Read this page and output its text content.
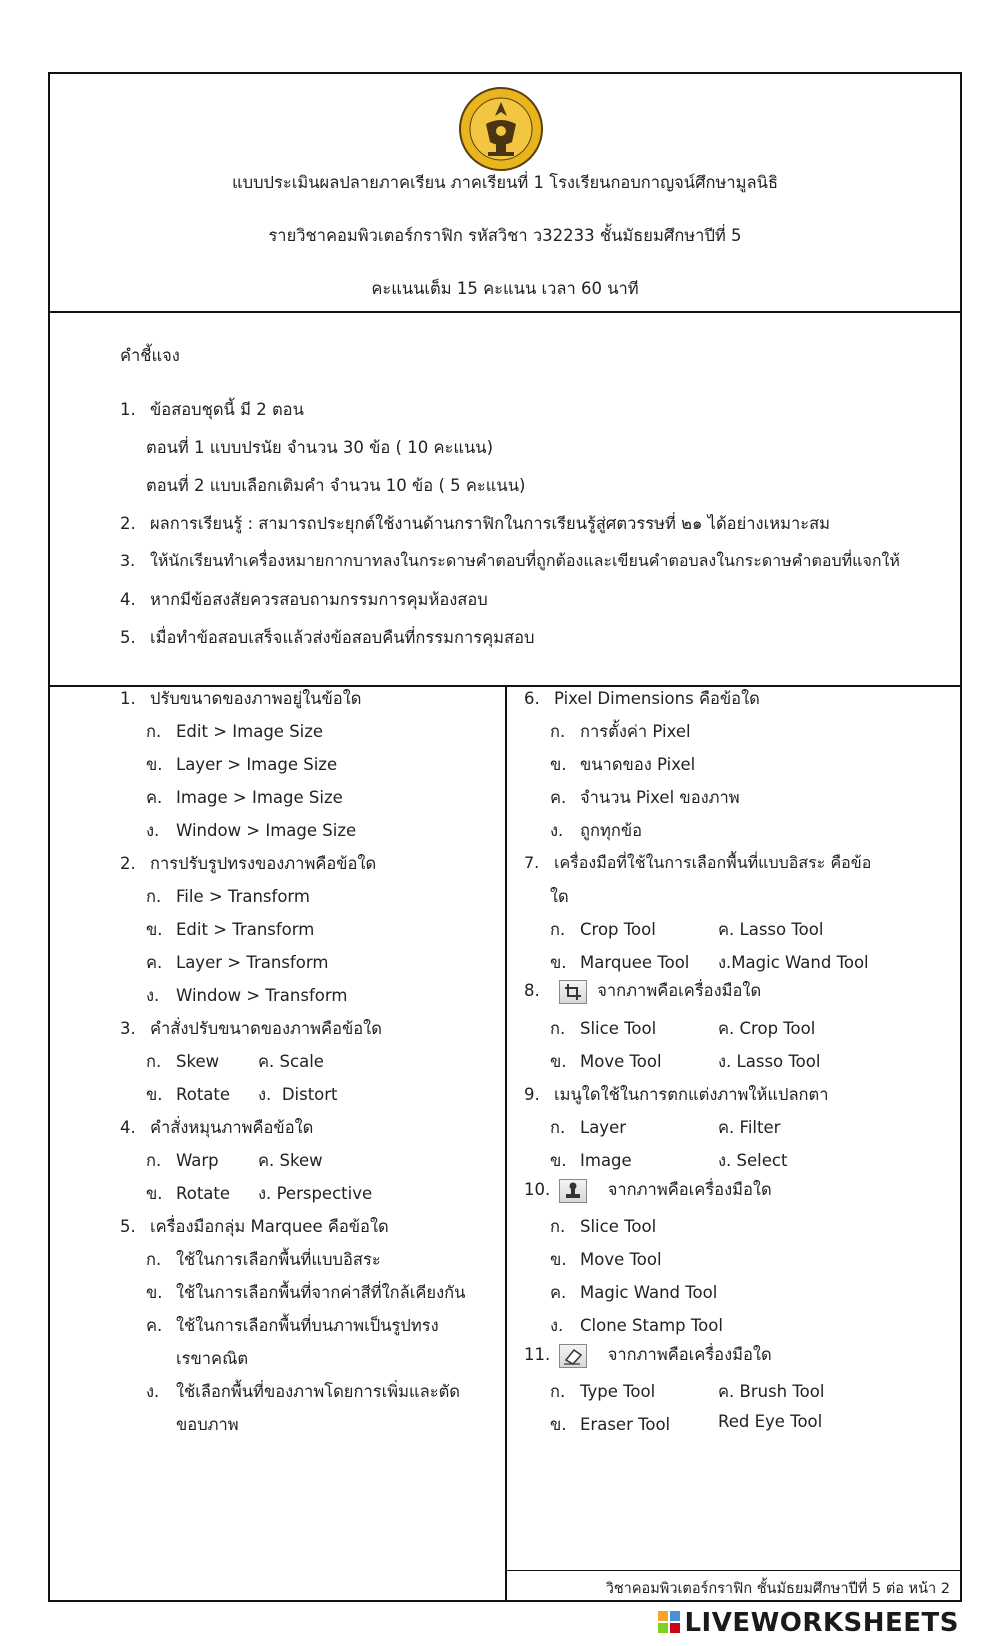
แบบประเมินผลปลายภาคเรียน ภาคเรียนที่ 1 โรงเรียนกอบกาญจน์ศึกษามูลนิธิ
รายวิชาคอมพิวเตอร์กราฟิก รหัสวิชา ว32233 ชั้นมัธยมศึกษาปีที่ 5
คะแนนเต็ม 15 คะแนน เวลา 60 นาที
คำชี้แจง
1. ข้อสอบชุดนี้ มี 2 ตอน
ตอนที่ 1 แบบปรนัย จำนวน 30 ข้อ ( 10 คะแนน)
ตอนที่ 2 แบบเลือกเติมคำ จำนวน 10 ข้อ ( 5 คะแนน)
2. ผลการเรียนรู้ : สามารถประยุกต์ใช้งานด้านกราฟิกในการเรียนรู้สู่ศตวรรษที่ ๒๑ ได้อย่างเหมาะสม
3. ให้นักเรียนทำเครื่องหมายกากบาทลงในกระดาษคำตอบที่ถูกต้องและเขียนคำตอบลงในกระดาษคำตอบที่แจกให้
4. หากมีข้อสงสัยควรสอบถามกรรมการคุมห้องสอบ
5. เมื่อทำข้อสอบเสร็จแล้วส่งข้อสอบคืนที่กรรมการคุมสอบ
1. ปรับขนาดของภาพอยู่ในข้อใด
ก. Edit > Image Size
ข. Layer > Image Size
ค. Image > Image Size
ง. Window > Image Size
2. การปรับรูปทรงของภาพคือข้อใด
ก. File > Transform
ข. Edit > Transform
ค. Layer > Transform
ง. Window > Transform
3. คำสั่งปรับขนาดของภาพคือข้อใด
ก. Skew ค. Scale
ข. Rotate ง. Distort
4. คำสั่งหมุนภาพคือข้อใด
ก. Warp ค. Skew
ข. Rotate ง. Perspective
5. เครื่องมือกลุ่ม Marquee คือข้อใด
ก. ใช้ในการเลือกพื้นที่แบบอิสระ
ข. ใช้ในการเลือกพื้นที่จากค่าสีที่ใกล้เคียงกัน
ค. ใช้ในการเลือกพื้นที่บนภาพเป็นรูปทรง
เรขาคณิต
ง. ใช้เลือกพื้นที่ของภาพโดยการเพิ่มและตัด
ขอบภาพ
6. Pixel Dimensions คือข้อใด
ก. การตั้งค่า Pixel
ข. ขนาดของ Pixel
ค. จำนวน Pixel ของภาพ
ง. ถูกทุกข้อ
7. เครื่องมือที่ใช้ในการเลือกพื้นที่แบบอิสระ คือข้อ
ใด
ก. Crop Tool	ค. Lasso Tool
ข. Marquee Tool ง.Magic Wand Tool
8.	จากภาพคือเครื่องมือใด
ก. Slice Tool	ค. Crop Tool
ข. Move Tool	ง. Lasso Tool
9. เมนูใดใช้ในการตกแต่งภาพให้แปลกตา
ก. Layer	ค. Filter
ข. Image	ง. Select
10.	จากภาพคือเครื่องมือใด
ก. Slice Tool
ข. Move Tool
ค. Magic Wand Tool
ง. Clone Stamp Tool
11.	จากภาพคือเครื่องมือใด
ก. Type Tool	ค. Brush Tool
ข. Eraser Tool	Red Eye Tool
วิชาคอมพิวเตอร์กราฟิก ชั้นมัธยมศึกษาปีที่ 5 ต่อ หน้า 2
LIVEWORKSHEETS
